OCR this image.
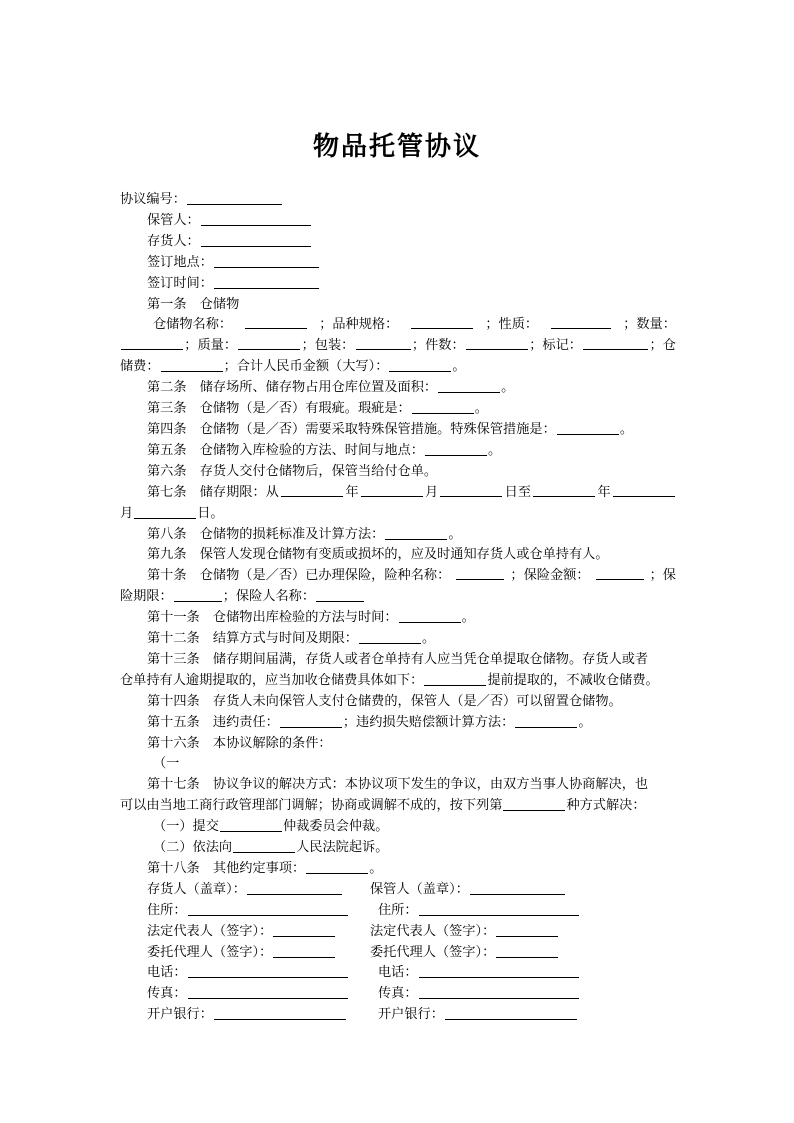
物品托管协议
协议编号：
保管人：
存货人：
签订地点：
签订时间：
第一条　仓储物
仓储物名称：	；品种规格：	；性质：	；数量：
；质量：	；包装：	；件数：	；标记：	；仓
储费：	；合计人民币金额（大写）：	。
第二条　储存场所、储存物占用仓库位置及面积：	。
第三条　仓储物（是／否）有瑕疵。瑕疵是：	。
第四条　仓储物（是／否）需要采取特殊保管措施。特殊保管措施是：	。
第五条　仓储物入库检验的方法、时间与地点：	。
第六条　存货人交付仓储物后，保管当给付仓单。
第七条　储存期限：从	年	月	日至	年
月	日。
第八条　仓储物的损耗标准及计算方法：	。
第九条　保管人发现仓储物有变质或损坏的，应及时通知存货人或仓单持有人。
第十条　仓储物（是／否）已办理保险，险种名称：	；保险金额：	；保
险期限：	；保险人名称：
第十一条　仓储物出库检验的方法与时间：	。
第十二条　结算方式与时间及期限：	。
第十三条　储存期间届满，存货人或者仓单持有人应当凭仓单提取仓储物。存货人或者
仓单持有人逾期提取的，应当加收仓储费具体如下：	提前提取的，不减收仓储费。
第十四条　存货人未向保管人支付仓储费的，保管人（是／否）可以留置仓储物。
第十五条　违约责任：	；违约损失赔偿额计算方法：	。
第十六条　本协议解除的条件：
（一
第十七条　协议争议的解决方式：本协议项下发生的争议，由双方当事人协商解决，也
可以由当地工商行政管理部门调解；协商或调解不成的，按下列第	种方式解决：
（一）提交	仲裁委员会仲裁。
（二）依法向	人民法院起诉。
第十八条　其他约定事项：	。
存货人（盖章）：	保管人（盖章）：
住所：	住所：
法定代表人（签字）：	法定代表人（签字）：
委托代理人（签字）：	委托代理人（签字）：
电话：	电话：
传真：	传真：
开户银行：	开户银行：
